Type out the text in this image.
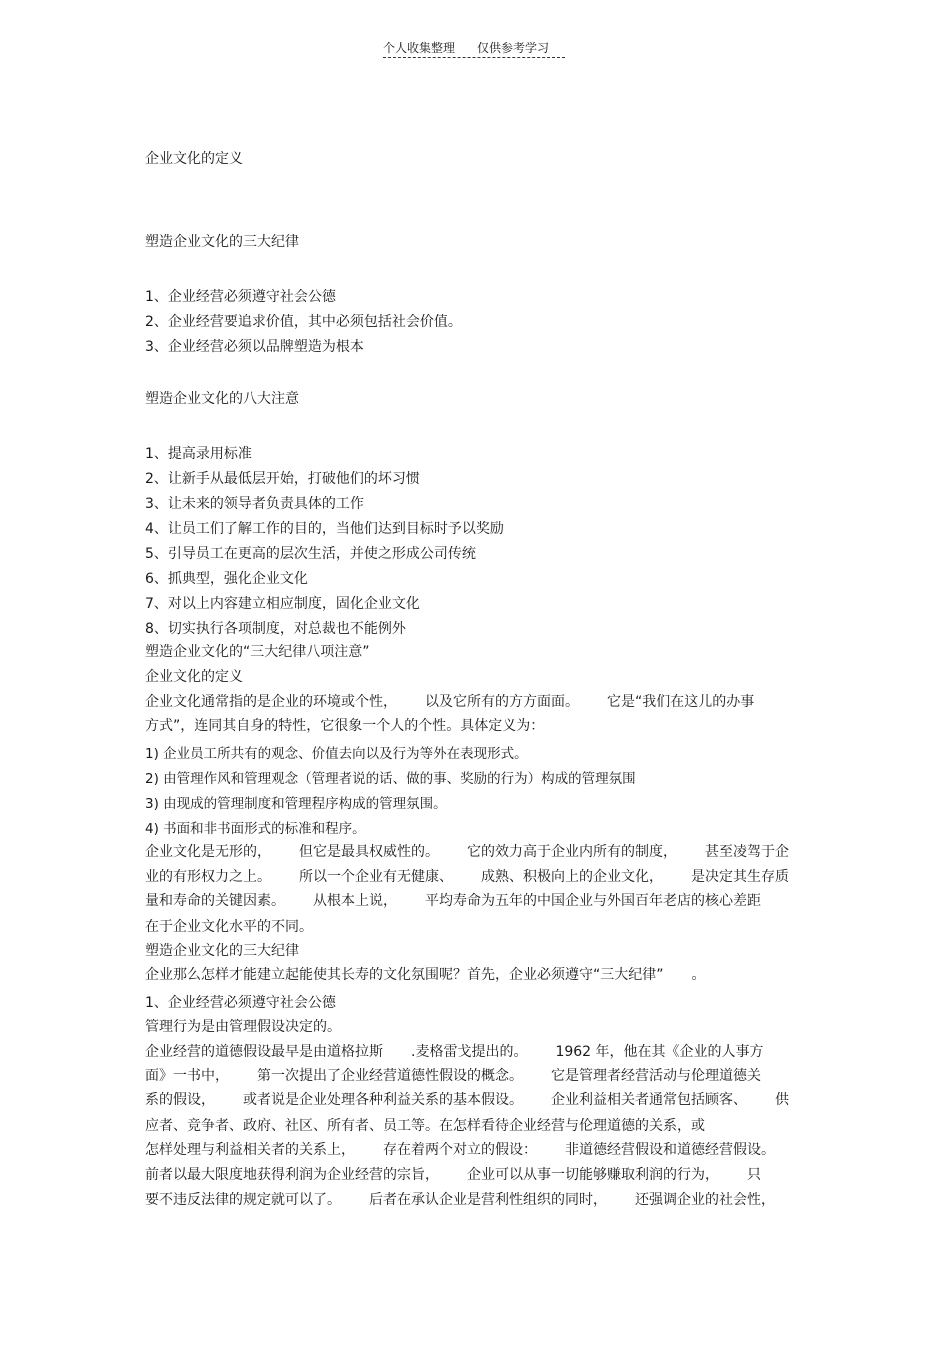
个人收集整理 仅供参考学习
企业文化的定义
塑造企业文化的三大纪律
1、企业经营必须遵守社会公德
2、企业经营要追求价值，其中必须包括社会价值。
3、企业经营必须以品牌塑造为根本
塑造企业文化的八大注意
1、提高录用标准
2、让新手从最低层开始，打破他们的坏习惯
3、让未来的领导者负责具体的工作
4、让员工们了解工作的目的，当他们达到目标时予以奖励
5、引导员工在更高的层次生活，并使之形成公司传统
6、抓典型，强化企业文化
7、对以上内容建立相应制度，固化企业文化
8、切实执行各项制度，对总裁也不能例外
塑造企业文化的“三大纪律八项注意”
企业文化的定义
企业文化通常指的是企业的环境或个性， 以及它所有的方方面面。 它是“我们在这儿的办事
方式”，连同其自身的特性，它很象一个人的个性。具体定义为：
1) 企业员工所共有的观念、价值去向以及行为等外在表现形式。
2) 由管理作风和管理观念（管理者说的话、做的事、奖励的行为）构成的管理氛围
3) 由现成的管理制度和管理程序构成的管理氛围。
4) 书面和非书面形式的标准和程序。
企业文化是无形的， 但它是最具权威性的。 它的效力高于企业内所有的制度， 甚至凌驾于企
业的有形权力之上。 所以一个企业有无健康、 成熟、积极向上的企业文化， 是决定其生存质
量和寿命的关键因素。 从根本上说， 平均寿命为五年的中国企业与外国百年老店的核心差距
在于企业文化水平的不同。
塑造企业文化的三大纪律
企业那么怎样才能建立起能使其长寿的文化氛围呢？首先，企业必须遵守“三大纪律” 。
1、企业经营必须遵守社会公德
管理行为是由管理假设决定的。
企业经营的道德假设最早是由道格拉斯 .麦格雷戈提出的。 1962 年，他在其《企业的人事方
面》一书中， 第一次提出了企业经营道德性假设的概念。 它是管理者经营活动与伦理道德关
系的假设， 或者说是企业处理各种利益关系的基本假设。 企业利益相关者通常包括顾客、 供
应者、竞争者、政府、社区、所有者、员工等。在怎样看待企业经营与伦理道德的关系，或
怎样处理与利益相关者的关系上， 存在着两个对立的假设： 非道德经营假设和道德经营假设。
前者以最大限度地获得利润为企业经营的宗旨， 企业可以从事一切能够赚取利润的行为， 只
要不违反法律的规定就可以了。 后者在承认企业是营利性组织的同时， 还强调企业的社会性，
